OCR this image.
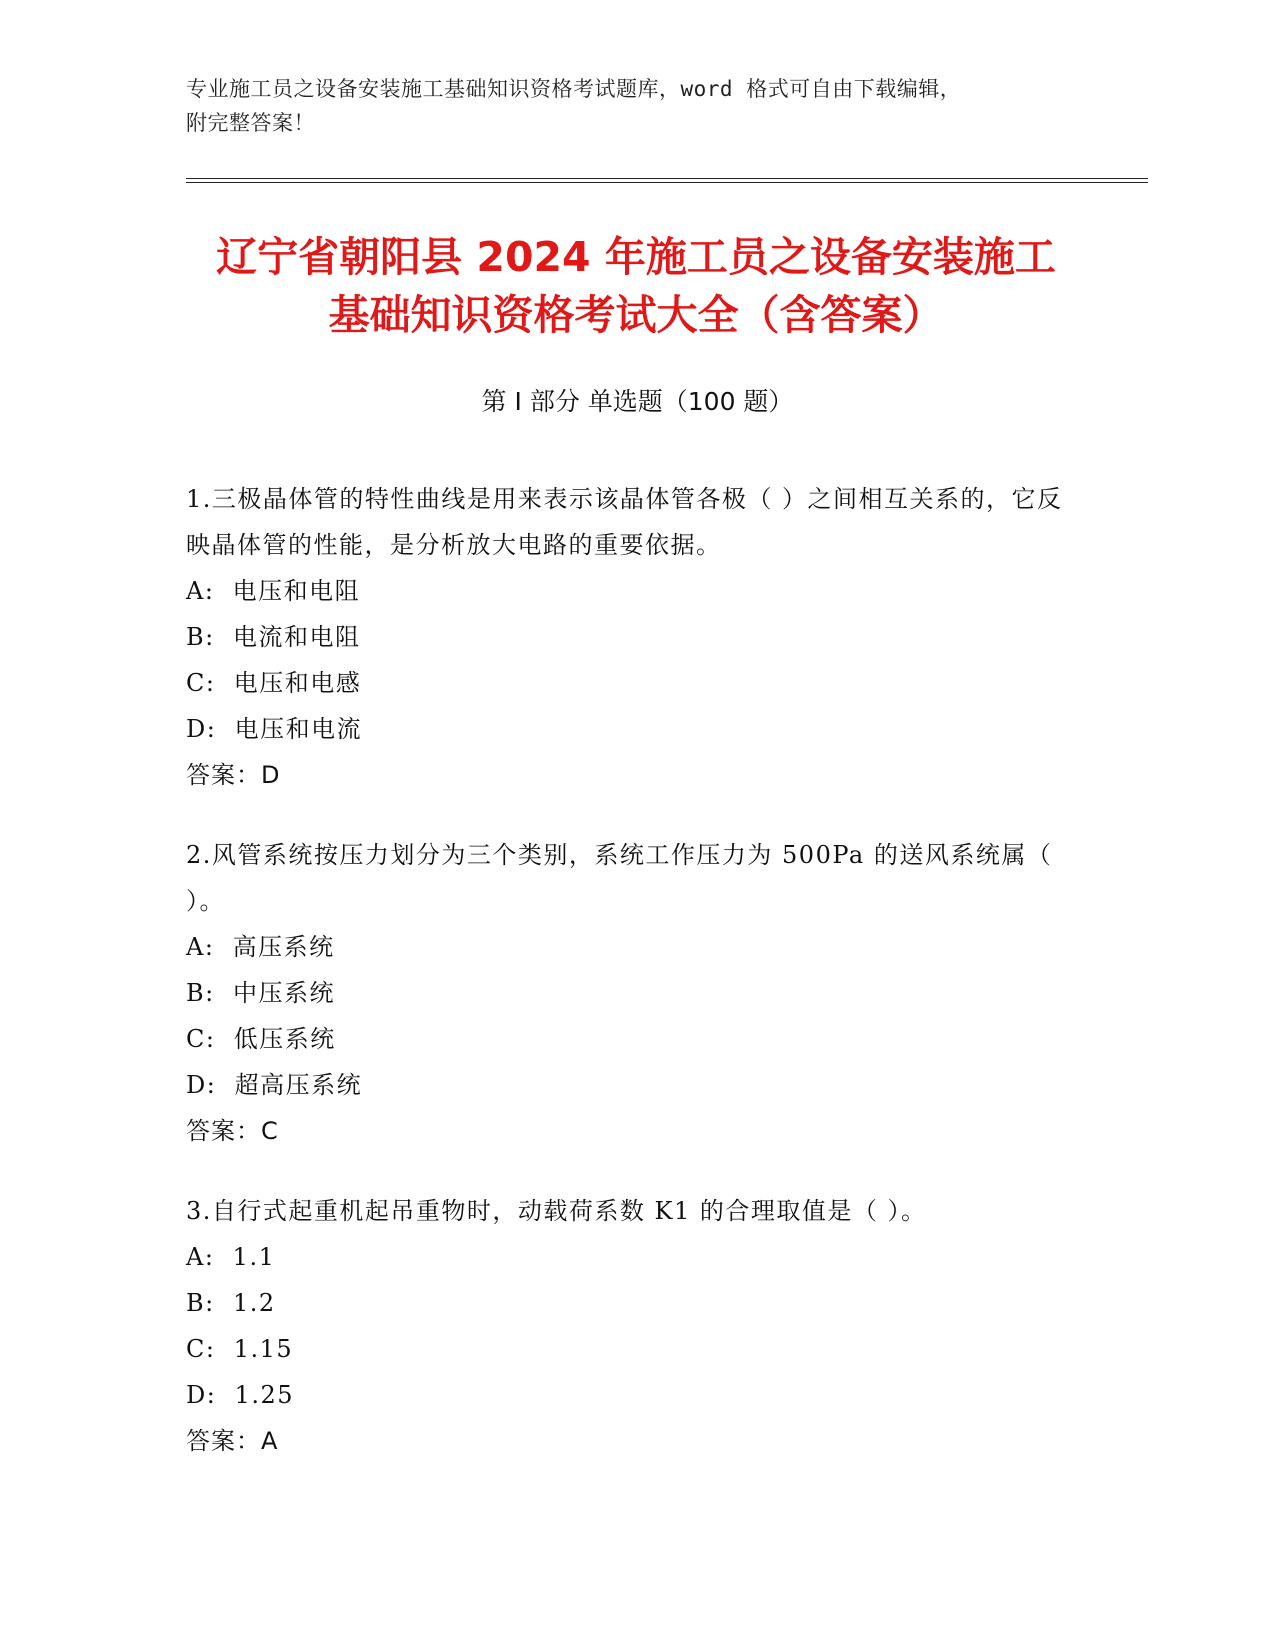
专业施工员之设备安装施工基础知识资格考试题库，word 格式可自由下载编辑，
附完整答案！
辽宁省朝阳县 2024 年施工员之设备安装施工
基础知识资格考试大全（含答案）
第 I 部分 单选题（100 题）

1.三极晶体管的特性曲线是用来表示该晶体管各极（ ）之间相互关系的，它反映晶体管的性能，是分析放大电路的重要依据。

A:  电压和电阻

B:  电流和电阻

C:  电压和电感

D:  电压和电流

答案：D

2.风管系统按压力划分为三个类别，系统工作压力为 500Pa 的送风系统属（ ）。

A:  高压系统

B:  中压系统

C:  低压系统

D:  超高压系统

答案：C

3.自行式起重机起吊重物时，动载荷系数 K1 的合理取值是（ ）。

A:  1.1

B:  1.2

C:  1.15

D:  1.25

答案：A
